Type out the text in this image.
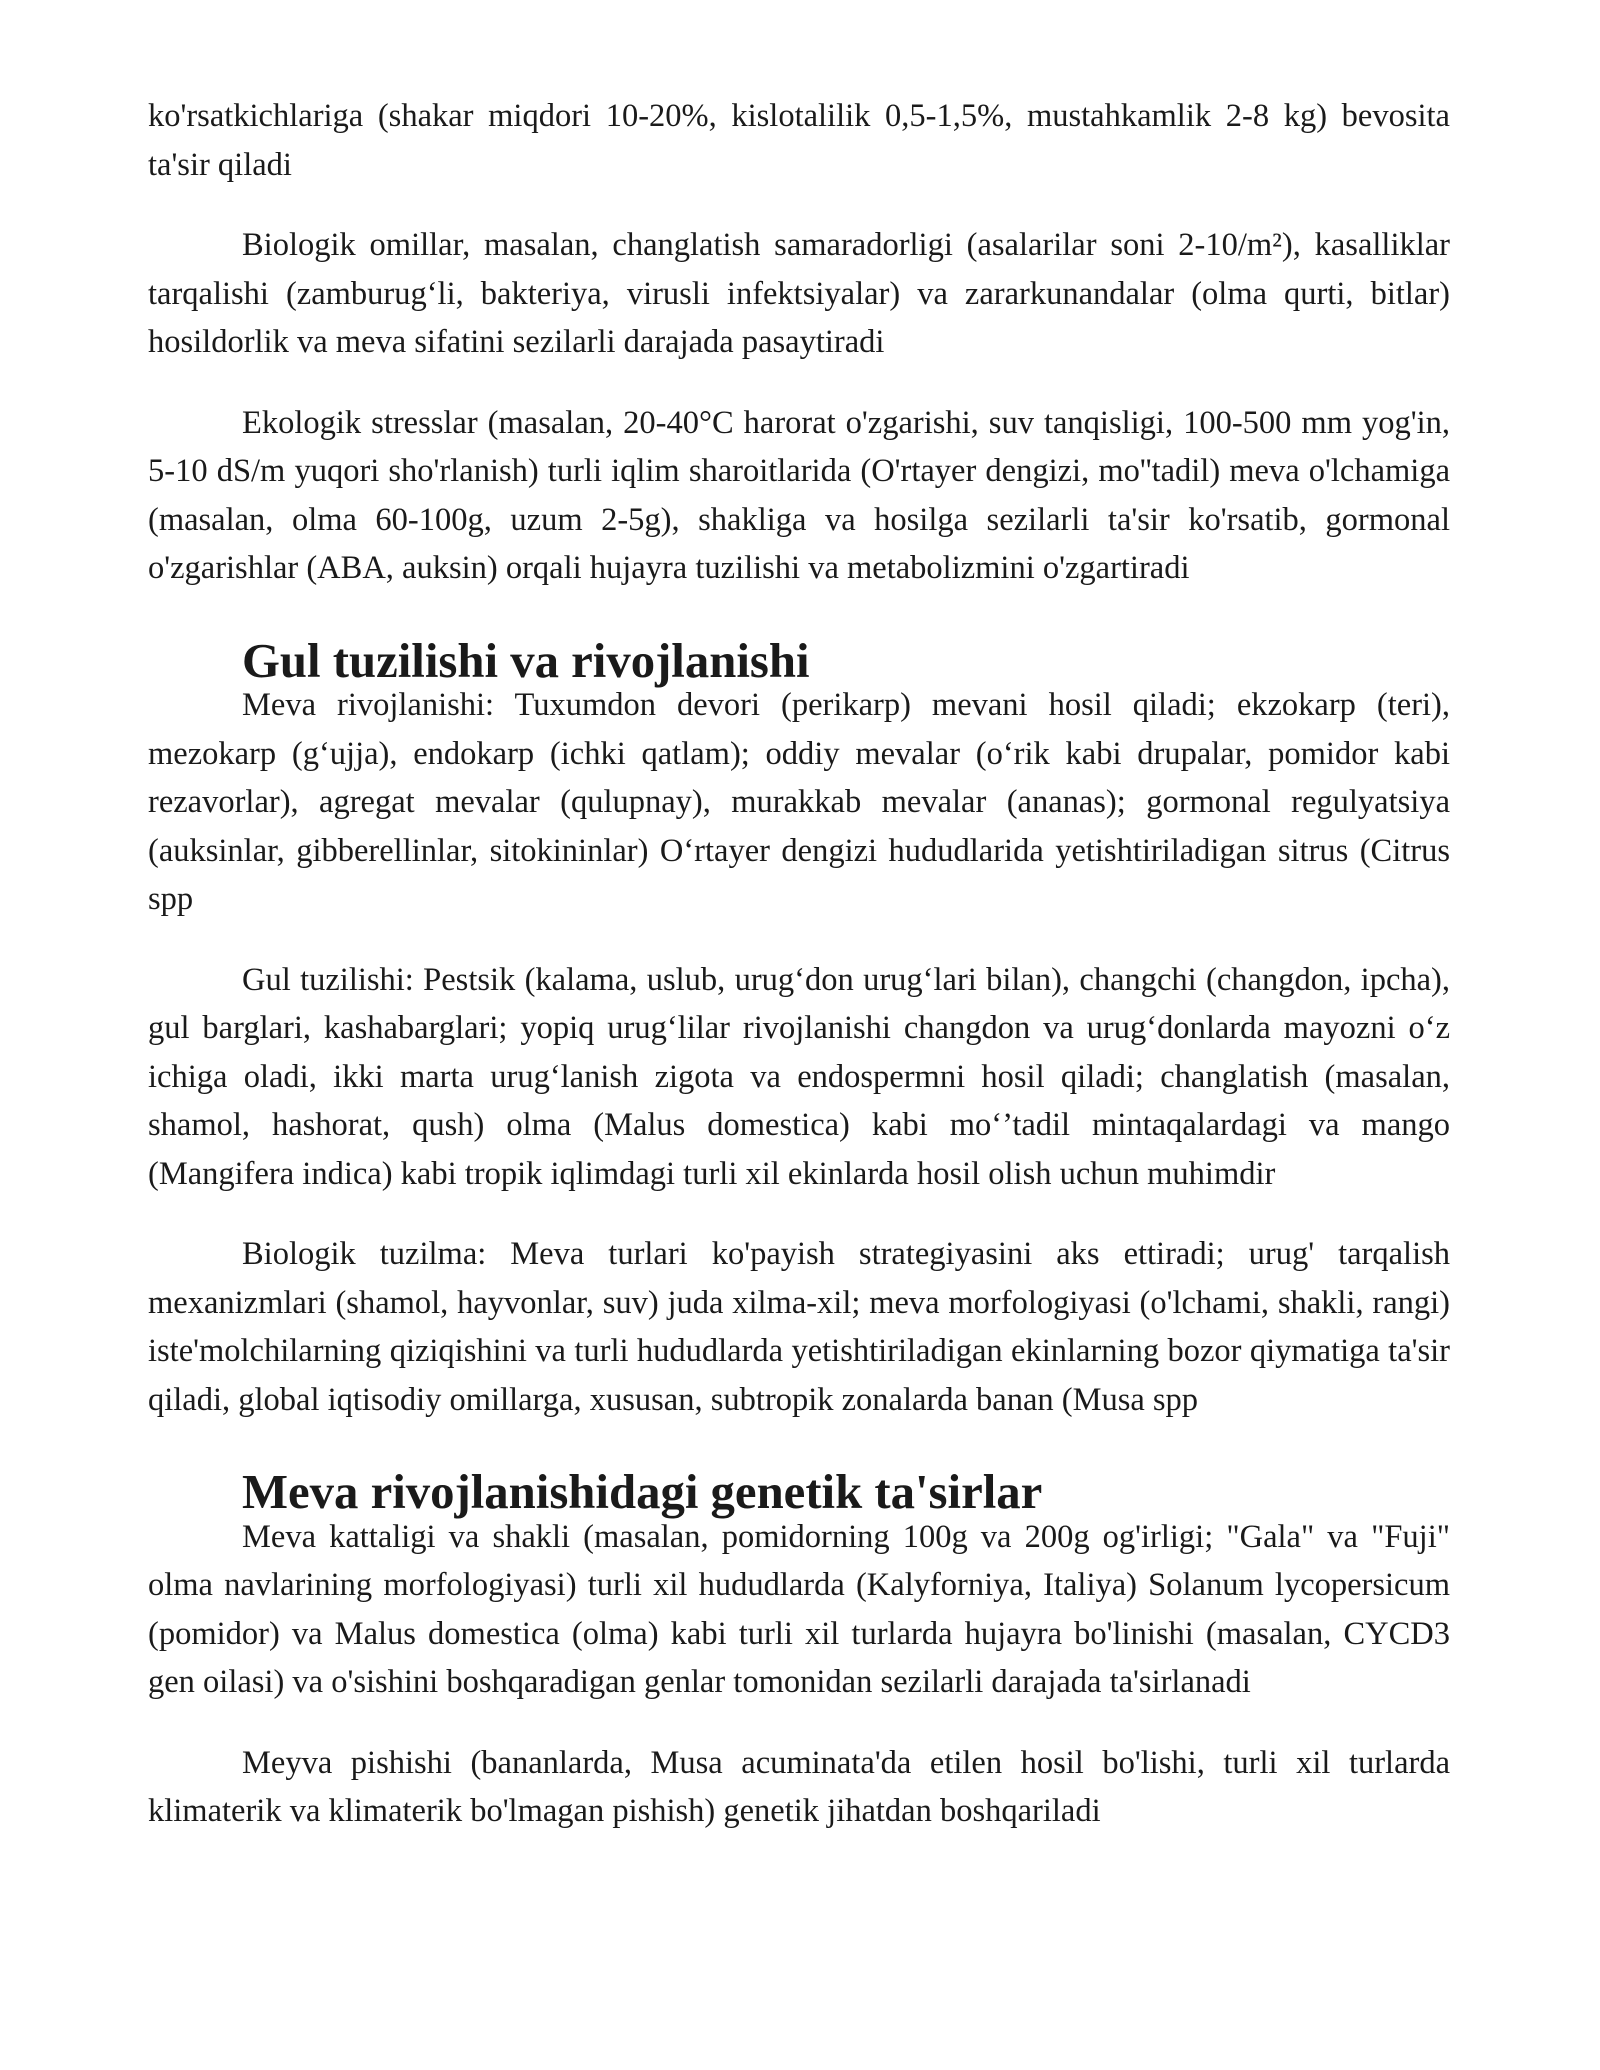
ko'rsatkichlariga (shakar miqdori 10-20%, kislotalilik 0,5-1,5%, mustahkamlik 2-8 kg) bevosita ta'sir qiladi

Biologik omillar, masalan, changlatish samaradorligi (asalarilar soni 2-10/m²), kasalliklar tarqalishi (zamburug‘li, bakteriya, virusli infektsiyalar) va zararkunandalar (olma qurti, bitlar) hosildorlik va meva sifatini sezilarli darajada pasaytiradi

Ekologik stresslar (masalan, 20-40°C harorat o'zgarishi, suv tanqisligi, 100-500 mm yog'in, 5-10 dS/m yuqori sho'rlanish) turli iqlim sharoitlarida (O'rtayer dengizi, mo''tadil) meva o'lchamiga (masalan, olma 60-100g, uzum 2-5g), shakliga va hosilga sezilarli ta'sir ko'rsatib, gormonal o'zgarishlar (ABA, auksin) orqali hujayra tuzilishi va metabolizmini o'zgartiradi

Gul tuzilishi va rivojlanishi

Meva rivojlanishi: Tuxumdon devori (perikarp) mevani hosil qiladi; ekzokarp (teri), mezokarp (g‘ujja), endokarp (ichki qatlam); oddiy mevalar (o‘rik kabi drupalar, pomidor kabi rezavorlar), agregat mevalar (qulupnay), murakkab mevalar (ananas); gormonal regulyatsiya (auksinlar, gibberellinlar, sitokininlar) O‘rtayer dengizi hududlarida yetishtiriladigan sitrus (Citrus spp

Gul tuzilishi: Pestsik (kalama, uslub, urug‘don urug‘lari bilan), changchi (changdon, ipcha), gul barglari, kashabarglari; yopiq urug‘lilar rivojlanishi changdon va urug‘donlarda mayozni o‘z ichiga oladi, ikki marta urug‘lanish zigota va endospermni hosil qiladi; changlatish (masalan, shamol, hashorat, qush) olma (Malus domestica) kabi mo‘’tadil mintaqalardagi va mango (Mangifera indica) kabi tropik iqlimdagi turli xil ekinlarda hosil olish uchun muhimdir

Biologik tuzilma: Meva turlari ko'payish strategiyasini aks ettiradi; urug' tarqalish mexanizmlari (shamol, hayvonlar, suv) juda xilma-xil; meva morfologiyasi (o'lchami, shakli, rangi) iste'molchilarning qiziqishini va turli hududlarda yetishtiriladigan ekinlarning bozor qiymatiga ta'sir qiladi, global iqtisodiy omillarga, xususan, subtropik zonalarda banan (Musa spp

Meva rivojlanishidagi genetik ta'sirlar

Meva kattaligi va shakli (masalan, pomidorning 100g va 200g og'irligi; "Gala" va "Fuji" olma navlarining morfologiyasi) turli xil hududlarda (Kalyforniya, Italiya) Solanum lycopersicum (pomidor) va Malus domestica (olma) kabi turli xil turlarda hujayra bo'linishi (masalan, CYCD3 gen oilasi) va o'sishini boshqaradigan genlar tomonidan sezilarli darajada ta'sirlanadi

Meyva pishishi (bananlarda, Musa acuminata'da etilen hosil bo'lishi, turli xil turlarda klimaterik va klimaterik bo'lmagan pishish) genetik jihatdan boshqariladi
